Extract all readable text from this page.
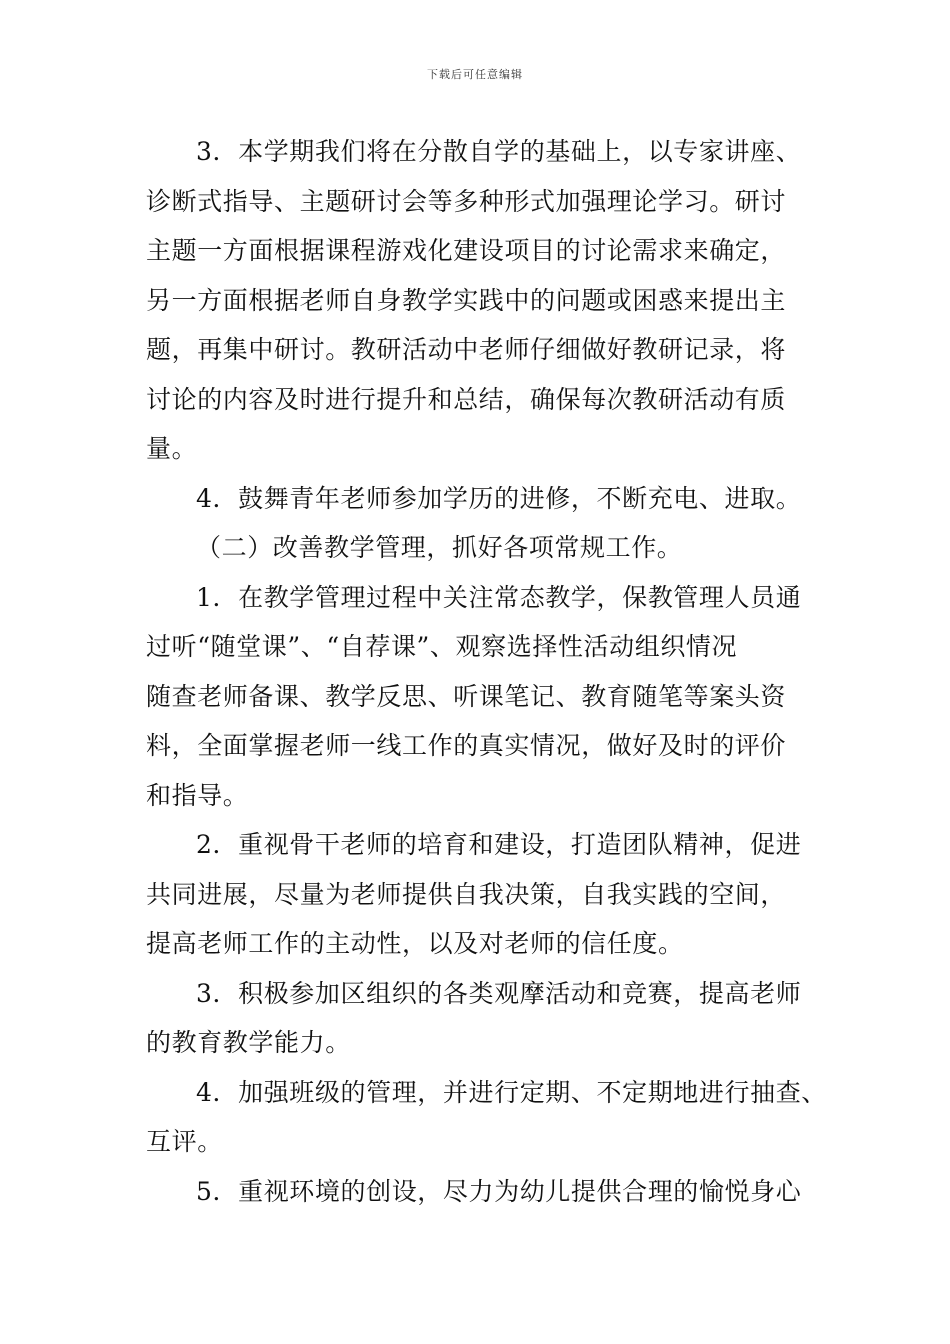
下载后可任意编辑
3．本学期我们将在分散自学的基础上，以专家讲座、
诊断式指导、主题研讨会等多种形式加强理论学习。研讨
主题一方面根据课程游戏化建设项目的讨论需求来确定，
另一方面根据老师自身教学实践中的问题或困惑来提出主
题，再集中研讨。教研活动中老师仔细做好教研记录，将
讨论的内容及时进行提升和总结，确保每次教研活动有质
量。
4．鼓舞青年老师参加学历的进修，不断充电、进取。
（二）改善教学管理，抓好各项常规工作。
1．在教学管理过程中关注常态教学，保教管理人员通
过听“随堂课”、“自荐课”、观察选择性活动组织情况
随查老师备课、教学反思、听课笔记、教育随笔等案头资
料，全面掌握老师一线工作的真实情况，做好及时的评价
和指导。
2．重视骨干老师的培育和建设，打造团队精神，促进
共同进展，尽量为老师提供自我决策，自我实践的空间，
提高老师工作的主动性，以及对老师的信任度。
3．积极参加区组织的各类观摩活动和竞赛，提高老师
的教育教学能力。
4．加强班级的管理，并进行定期、不定期地进行抽查、
互评。
5．重视环境的创设，尽力为幼儿提供合理的愉悦身心
